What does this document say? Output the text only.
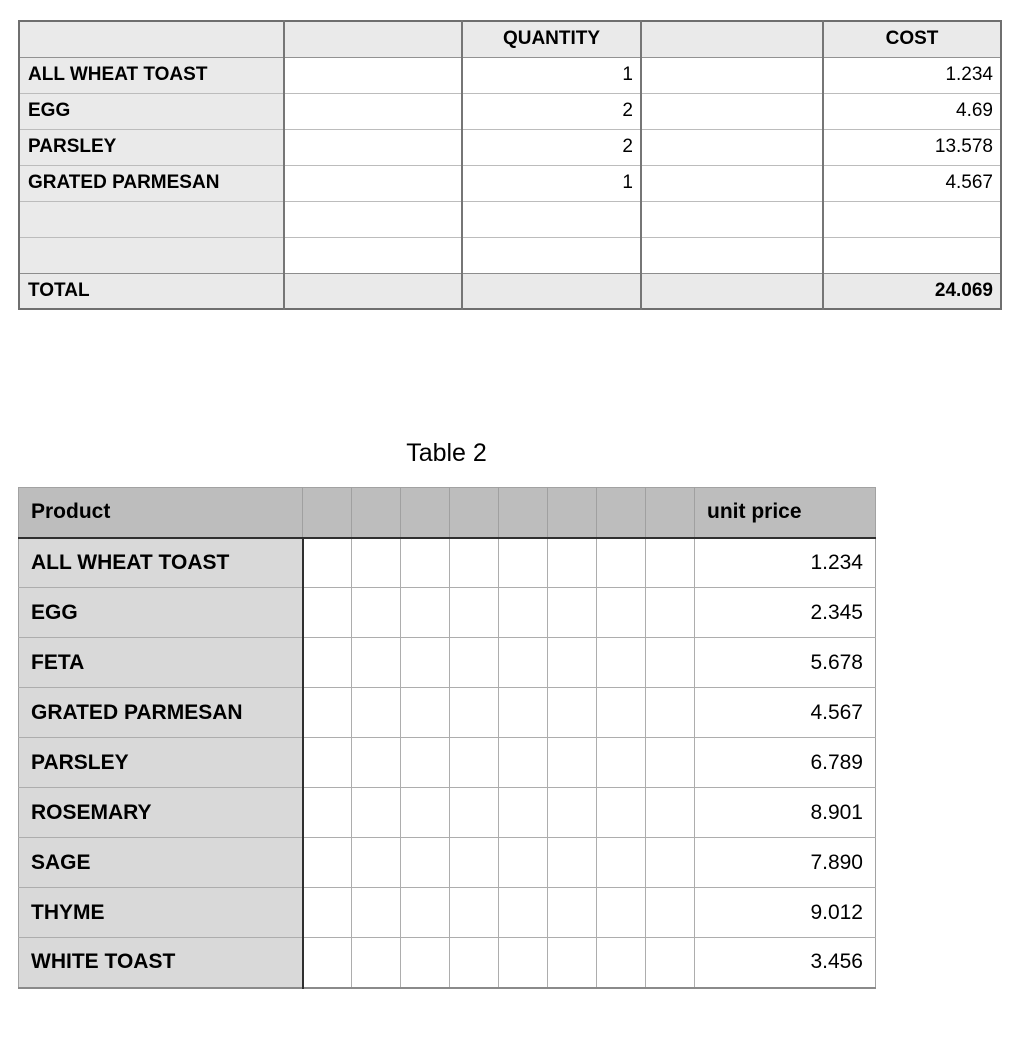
		QUANTITY		COST
ALL WHEAT TOAST		1		1.234
EGG		2		4.69
PARSLEY		2		13.578
GRATED PARMESAN		1		4.567

TOTAL				24.069
Table 2
Product									unit price
ALL WHEAT TOAST									1.234
EGG									2.345
FETA									5.678
GRATED PARMESAN									4.567
PARSLEY									6.789
ROSEMARY									8.901
SAGE									7.890
THYME									9.012
WHITE TOAST									3.456
